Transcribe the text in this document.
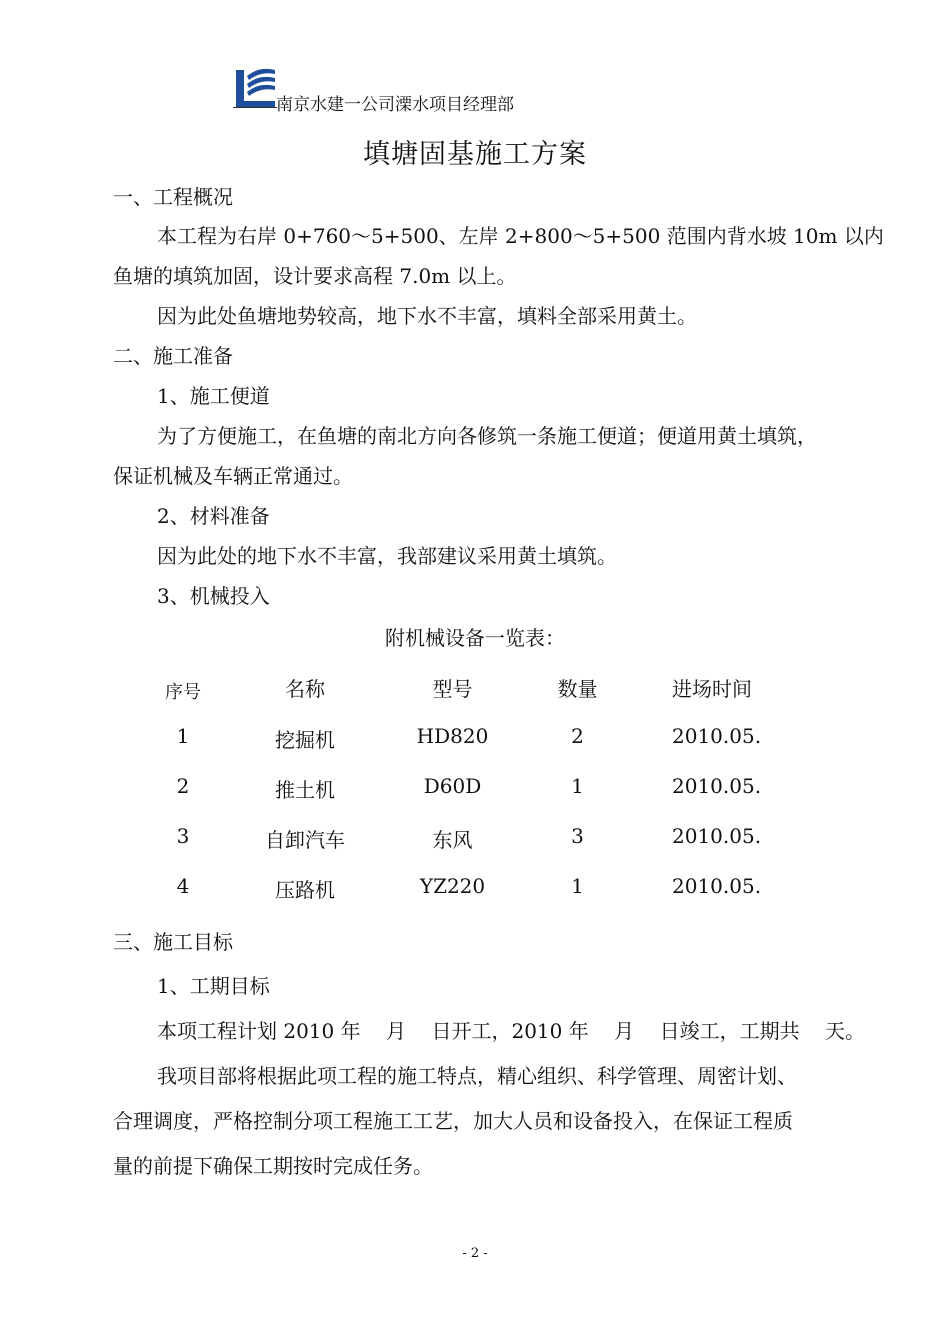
南京水建一公司溧水项目经理部
填塘固基施工方案
一、工程概况
本工程为右岸 0+760～5+500、左岸 2+800～5+500 范围内背水坡 10m 以内
鱼塘的填筑加固，设计要求高程 7.0m 以上。
因为此处鱼塘地势较高，地下水不丰富，填料全部采用黄土。
二、施工准备
1、施工便道
为了方便施工，在鱼塘的南北方向各修筑一条施工便道；便道用黄土填筑，
保证机械及车辆正常通过。
2、材料准备
因为此处的地下水不丰富，我部建议采用黄土填筑。
3、机械投入
附机械设备一览表：
序号	名称	型号	数量	进场时间
1	挖掘机	HD820	2	2010.05.
2	推土机	D60D	1	2010.05.
3	自卸汽车	东风	3	2010.05.
4	压路机	YZ220	1	2010.05.
三、施工目标
1、工期目标
本项工程计划 2010 年    月    日开工，2010 年    月    日竣工，工期共    天。
我项目部将根据此项工程的施工特点，精心组织、科学管理、周密计划、
合理调度，严格控制分项工程施工工艺，加大人员和设备投入，在保证工程质
量的前提下确保工期按时完成任务。
- 2 -
